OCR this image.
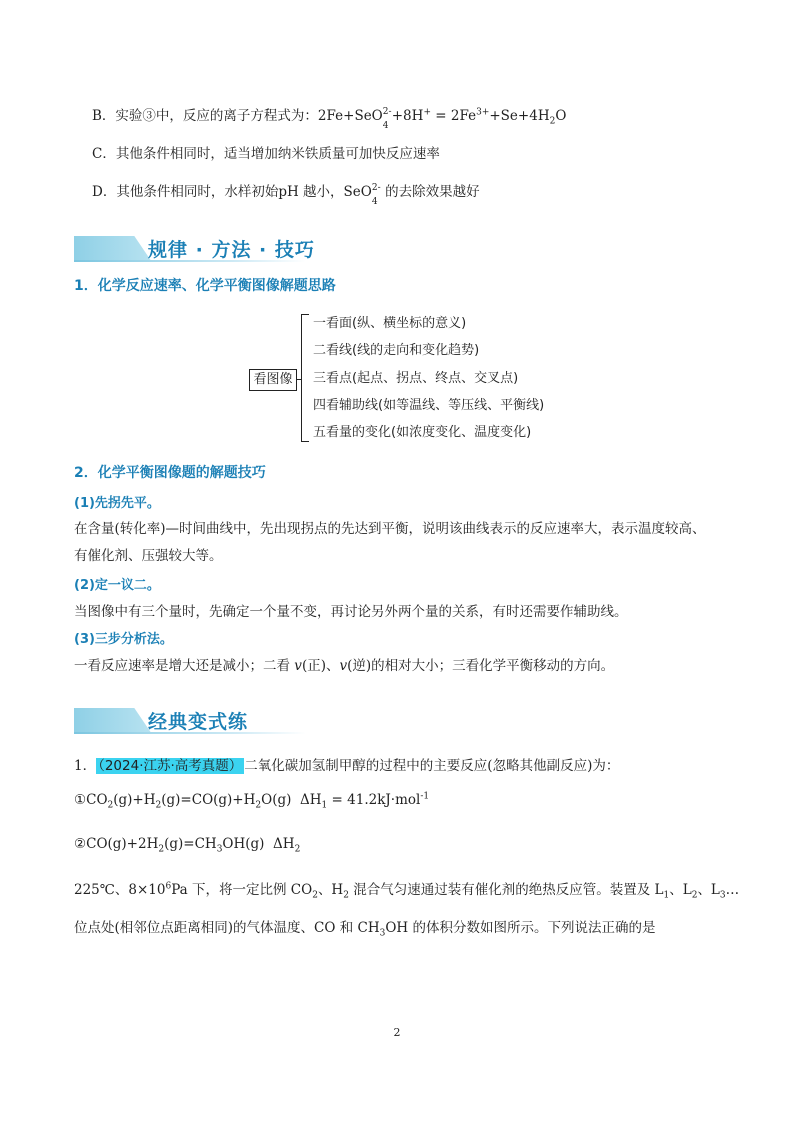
B．实验③中，反应的离子方程式为：2Fe+SeO 2-
4
$+8H^+ = 2Fe^{3+}+Se+4H_2O$
C．其他条件相同时，适当增加纳米铁质量可加快反应速率
D．其他条件相同时，水样初始pH 越小，SeO 2-
4
的去除效果越好
规律 · 方法 · 技巧
1．化学反应速率、化学平衡图像解题思路
看图像
一看面(纵、横坐标的意义)
二看线(线的走向和变化趋势)
三看点(起点、拐点、终点、交叉点)
四看辅助线(如等温线、等压线、平衡线)
五看量的变化(如浓度变化、温度变化)
2．化学平衡图像题的解题技巧
(1)先拐先平。
在含量(转化率)—时间曲线中，先出现拐点的先达到平衡，说明该曲线表示的反应速率大，表示温度较高、
有催化剂、压强较大等。
(2)定一议二。
当图像中有三个量时，先确定一个量不变，再讨论另外两个量的关系，有时还需要作辅助线。
(3)三步分析法。
一看反应速率是增大还是减小；二看 v(正)、v(逆)的相对大小；三看化学平衡移动的方向。
经典变式练
1． （2024·江苏·高考真题） 二氧化碳加氢制甲醇的过程中的主要反应(忽略其他副反应)为：
$①CO_2(g)+H_2(g)=CO(g)+H_2O(g) \Delta H_1 = 41.2kJ\cdot mol^{-1}$
$②CO(g)+2H_2(g)=CH_3OH(g)$ $\Delta H_2$
225℃、$8\times 10^6Pa$ 下，将一定比例 $CO_2$、$H_2$ 混合气匀速通过装有催化剂的绝热反应管。装置及 $L_1$、$L_2$、$L_3\dots$
位点处(相邻位点距离相同)的气体温度、CO 和 $CH_3OH$ 的体积分数如图所示。下列说法正确的是
2
